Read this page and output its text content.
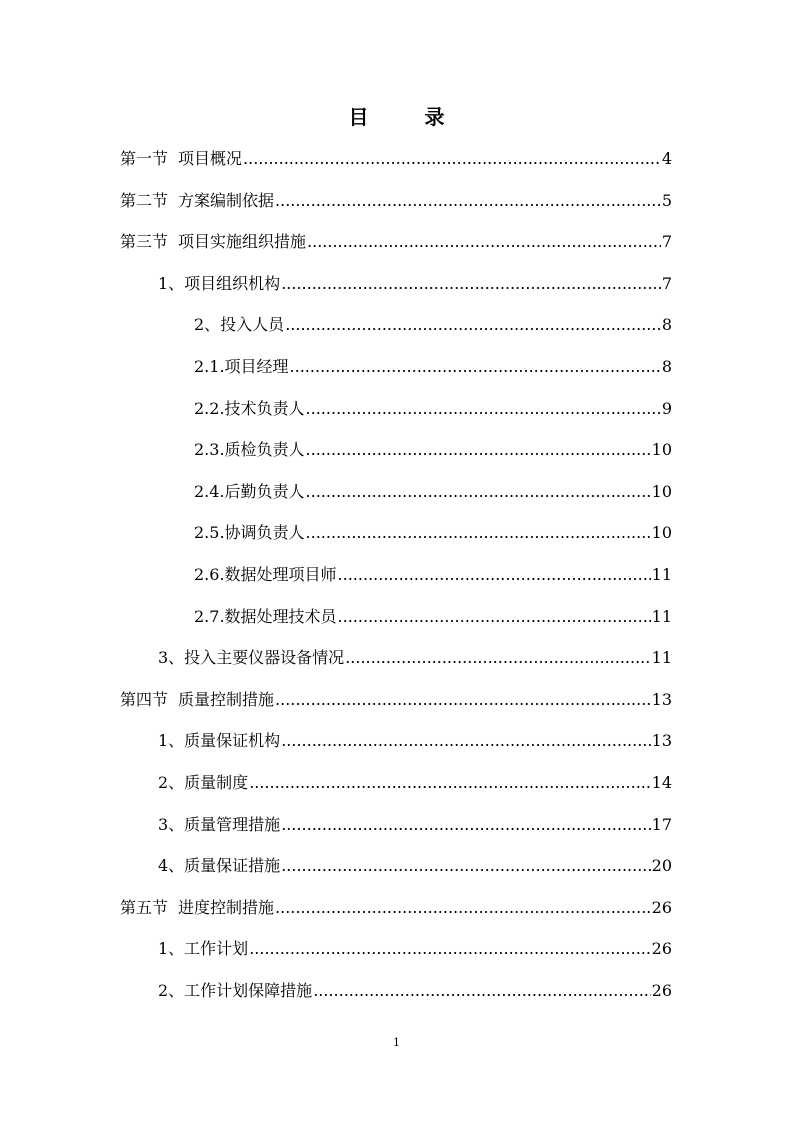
目　录
第一节 项目概况 .....	4
第二节 方案编制依据 .....	5
第三节 项目实施组织措施 .....	7
1、项目组织机构 .....	7
2、投入人员 .....	8
2.1.项目经理 .....	8
2.2.技术负责人 .....	9
2.3.质检负责人 .....	10
2.4.后勤负责人 .....	10
2.5.协调负责人 .....	10
2.6.数据处理项目师 .....	11
2.7.数据处理技术员 .....	11
3、投入主要仪器设备情况 .....	11
第四节 质量控制措施 .....	13
1、质量保证机构 .....	13
2、质量制度 .....	14
3、质量管理措施 .....	17
4、质量保证措施 .....	20
第五节 进度控制措施 .....	26
1、工作计划 .....	26
2、工作计划保障措施 .....	26
1
